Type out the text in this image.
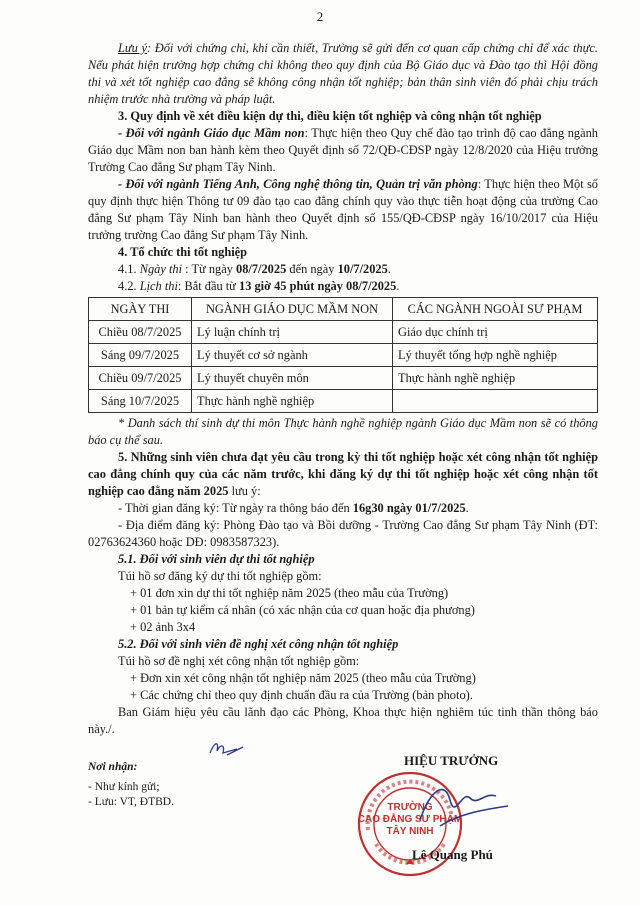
2

Lưu ý: Đối với chứng chỉ, khi cần thiết, Trường sẽ gửi đến cơ quan cấp chứng chỉ để xác thực. Nếu phát hiện trường hợp chứng chỉ không theo quy định của Bộ Giáo dục và Đào tạo thì Hội đồng thi và xét tốt nghiệp cao đẳng sẽ không công nhận tốt nghiệp; bản thân sinh viên đó phải chịu trách nhiệm trước nhà trường và pháp luật.

3. Quy định về xét điều kiện dự thi, điều kiện tốt nghiệp và công nhận tốt nghiệp

- Đối với ngành Giáo dục Mầm non: Thực hiện theo Quy chế đào tạo trình độ cao đẳng ngành Giáo dục Mầm non ban hành kèm theo Quyết định số 72/QĐ-CĐSP ngày 12/8/2020 của Hiệu trưởng Trường Cao đẳng Sư phạm Tây Ninh.

- Đối với ngành Tiếng Anh, Công nghệ thông tin, Quản trị văn phòng: Thực hiện theo Một số quy định thực hiện Thông tư 09 đào tạo cao đẳng chính quy vào thực tiễn hoạt động của trường Cao đẳng Sư phạm Tây Ninh ban hành theo Quyết định số 155/QĐ-CĐSP ngày 16/10/2017 của Hiệu trưởng trường Cao đẳng Sư phạm Tây Ninh.

4. Tổ chức thi tốt nghiệp

4.1. Ngày thi : Từ ngày 08/7/2025 đến ngày 10/7/2025.

4.2. Lịch thi: Bắt đầu từ 13 giờ 45 phút ngày 08/7/2025.

NGÀY THI	NGÀNH GIÁO DỤC MẦM NON	CÁC NGÀNH NGOÀI SƯ PHẠM
Chiều 08/7/2025	Lý luận chính trị	Giáo dục chính trị
Sáng 09/7/2025	Lý thuyết cơ sở ngành	Lý thuyết tổng hợp nghề nghiệp
Chiều 09/7/2025	Lý thuyết chuyên môn	Thực hành nghề nghiệp
Sáng 10/7/2025	Thực hành nghề nghiệp	

* Danh sách thí sinh dự thi môn Thực hành nghề nghiệp ngành Giáo dục Mầm non sẽ có thông báo cụ thể sau.

5. Những sinh viên chưa đạt yêu cầu trong kỳ thi tốt nghiệp hoặc xét công nhận tốt nghiệp cao đẳng chính quy của các năm trước, khi đăng ký dự thi tốt nghiệp hoặc xét công nhận tốt nghiệp cao đẳng năm 2025 lưu ý:

- Thời gian đăng ký: Từ ngày ra thông báo đến 16g30 ngày 01/7/2025.

- Địa điểm đăng ký: Phòng Đào tạo và Bồi dưỡng - Trường Cao đẳng Sư phạm Tây Ninh (ĐT: 02763624360 hoặc DĐ: 0983587323).

5.1. Đối với sinh viên dự thi tốt nghiệp

Túi hồ sơ đăng ký dự thi tốt nghiệp gồm:

+ 01 đơn xin dự thi tốt nghiệp năm 2025 (theo mẫu của Trường)

+ 01 bản tự kiểm cá nhân (có xác nhận của cơ quan hoặc địa phương)

+ 02 ảnh 3x4

5.2. Đối với sinh viên đề nghị xét công nhận tốt nghiệp

Túi hồ sơ đề nghị xét công nhận tốt nghiệp gồm:

+ Đơn xin xét công nhận tốt nghiệp năm 2025 (theo mẫu của Trường)

+ Các chứng chỉ theo quy định chuẩn đầu ra của Trường (bản photo).

Ban Giám hiệu yêu cầu lãnh đạo các Phòng, Khoa thực hiện nghiêm túc tinh thần thông báo này./.

Nơi nhận:
- Như kính gửi;
- Lưu: VT, ĐTBD.
HIỆU TRƯỞNG
TRƯỜNG
CAO ĐẲNG SƯ PHẠM
TÂY NINH
Lê Quang Phú
